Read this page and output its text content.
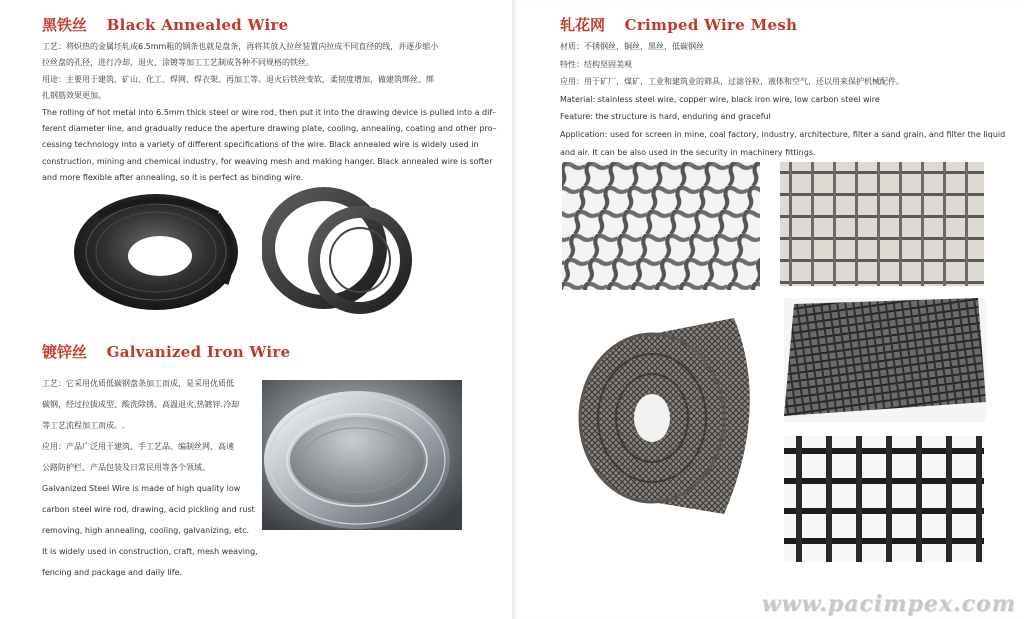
黑铁丝 Black Annealed Wire

工艺：将炽热的金属坯轧成6.5mm粗的钢条也就是盘条，再将其放入拉丝装置内拉成不同直径的线，并逐步缩小

拉丝盘的孔径，进行冷却、退火、涂镀等加工工艺制成各种不同规格的铁丝。

用途：主要用于建筑、矿山、化工、焊网、焊衣架、再加工等。退火后铁丝变软，柔韧度增加，做建筑绑丝、绑

扎钢筋效果更加。

The rolling of hot metal into 6.5mm thick steel or wire rod, then put it into the drawing device is pulled into a dif–

ferent diameter line, and gradually reduce the aperture drawing plate, cooling, annealing, coating and other pro–

cessing technology into a variety of different specifications of the wire. Black annealed wire is widely used in

construction, mining and chemical industry, for weaving mesh and making hanger. Black annealed wire is softer

and more flexible after annealing, so it is perfect as binding wire.

镀锌丝 Galvanized Iron Wire

工艺：它采用优质低碳钢盘条加工而成，是采用优质低

碳钢，经过拉拔成型、酸洗除锈、高温退火,热镀锌.冷却

等工艺流程加工而成。.

应用：产品广泛用于建筑、手工艺品、编制丝网、高速

公路防护栏、产品包装及日常民用等各个领域。

Galvanized Steel Wire is made of high quality low

carbon steel wire rod, drawing, acid pickling and rust

removing, high annealing, cooling, galvanizing, etc.

It is widely used in construction, craft, mesh weaving,

fencing and package and daily life.

轧花网 Crimped Wire Mesh

材质：不锈钢丝，铜丝，黑丝，低碳钢丝

特性：结构坚固美观

应用：用于矿厂，煤矿，工业和建筑业的筛具，过滤谷粒，液体和空气，还以用来保护机械配件。

Material: stainless steel wire, copper wire, black iron wire, low carbon steel wire

Feature: the structure is hard, enduring and graceful

Application: used for screen in mine, coal factory, industry, architecture, filter a sand grain, and filter the liquid

and air. It can be also used in the security in machinery fittings.

www.pacimpex.com
